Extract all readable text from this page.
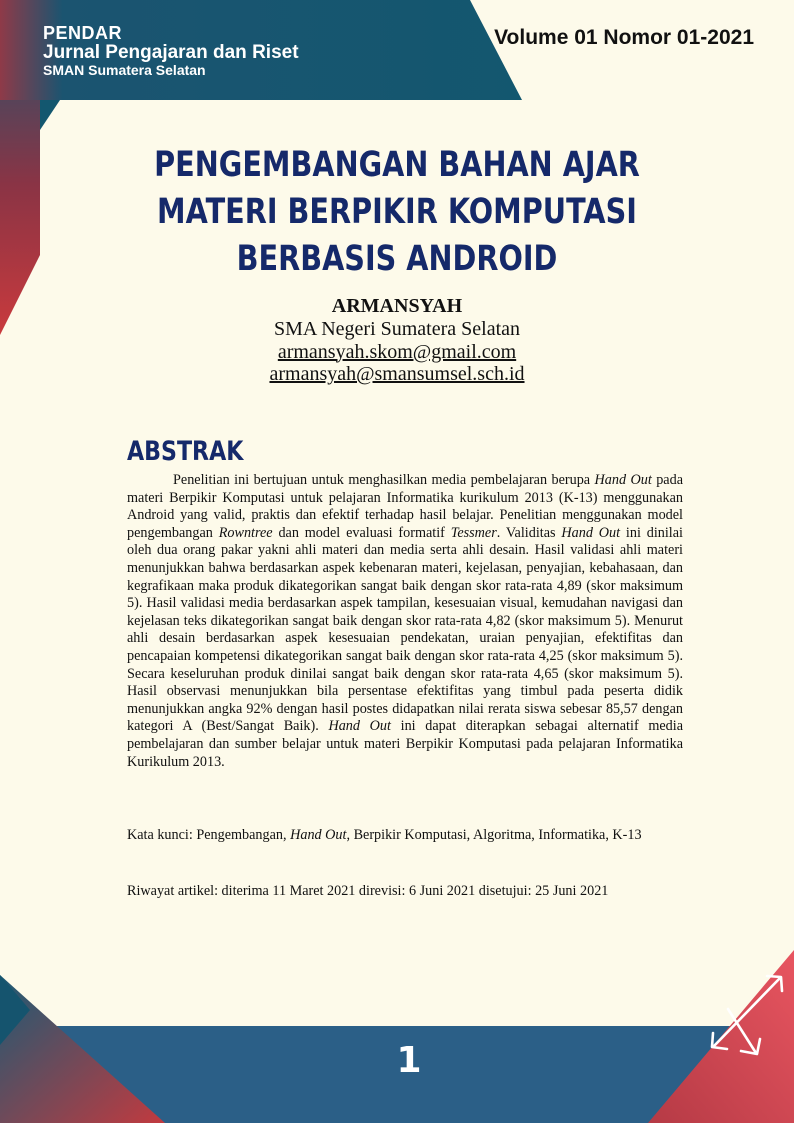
PENDAR
Jurnal Pengajaran dan Riset
SMAN Sumatera Selatan
Volume 01 Nomor 01-2021
PENGEMBANGAN BAHAN AJAR
MATERI BERPIKIR KOMPUTASI
BERBASIS ANDROID
ARMANSYAH
SMA Negeri Sumatera Selatan
armansyah.skom@gmail.com
armansyah@smansumsel.sch.id
ABSTRAK

Penelitian ini bertujuan untuk menghasilkan media pembelajaran berupa Hand Out pada materi Berpikir Komputasi untuk pelajaran Informatika kurikulum 2013 (K-13) menggunakan Android yang valid, praktis dan efektif terhadap hasil belajar. Penelitian menggunakan model pengembangan Rowntree dan model evaluasi formatif Tessmer. Validitas Hand Out ini dinilai oleh dua orang pakar yakni ahli materi dan media serta ahli desain. Hasil validasi ahli materi menunjukkan bahwa berdasarkan aspek kebenaran materi, kejelasan, penyajian, kebahasaan, dan kegrafikaan maka produk dikategorikan sangat baik dengan skor rata-rata 4,89 (skor maksimum 5). Hasil validasi media berdasarkan aspek tampilan, kesesuaian visual, kemudahan navigasi dan kejelasan teks dikategorikan sangat baik dengan skor rata-rata 4,82 (skor maksimum 5). Menurut ahli desain berdasarkan aspek kesesuaian pendekatan, uraian penyajian, efektifitas dan pencapaian kompetensi dikategorikan sangat baik dengan skor rata-rata 4,25 (skor maksimum 5). Secara keseluruhan produk dinilai sangat baik dengan skor rata-rata 4,65 (skor maksimum 5). Hasil observasi menunjukkan bila persentase efektifitas yang timbul pada peserta didik menunjukkan angka 92% dengan hasil postes didapatkan nilai rerata siswa sebesar 85,57 dengan kategori A (Best/Sangat Baik). Hand Out ini dapat diterapkan sebagai alternatif media pembelajaran dan sumber belajar untuk materi Berpikir Komputasi pada pelajaran Informatika Kurikulum 2013.

Kata kunci: Pengembangan, Hand Out, Berpikir Komputasi, Algoritma, Informatika, K-13

Riwayat artikel: diterima 11 Maret 2021 direvisi: 6 Juni 2021 disetujui: 25 Juni 2021

1
